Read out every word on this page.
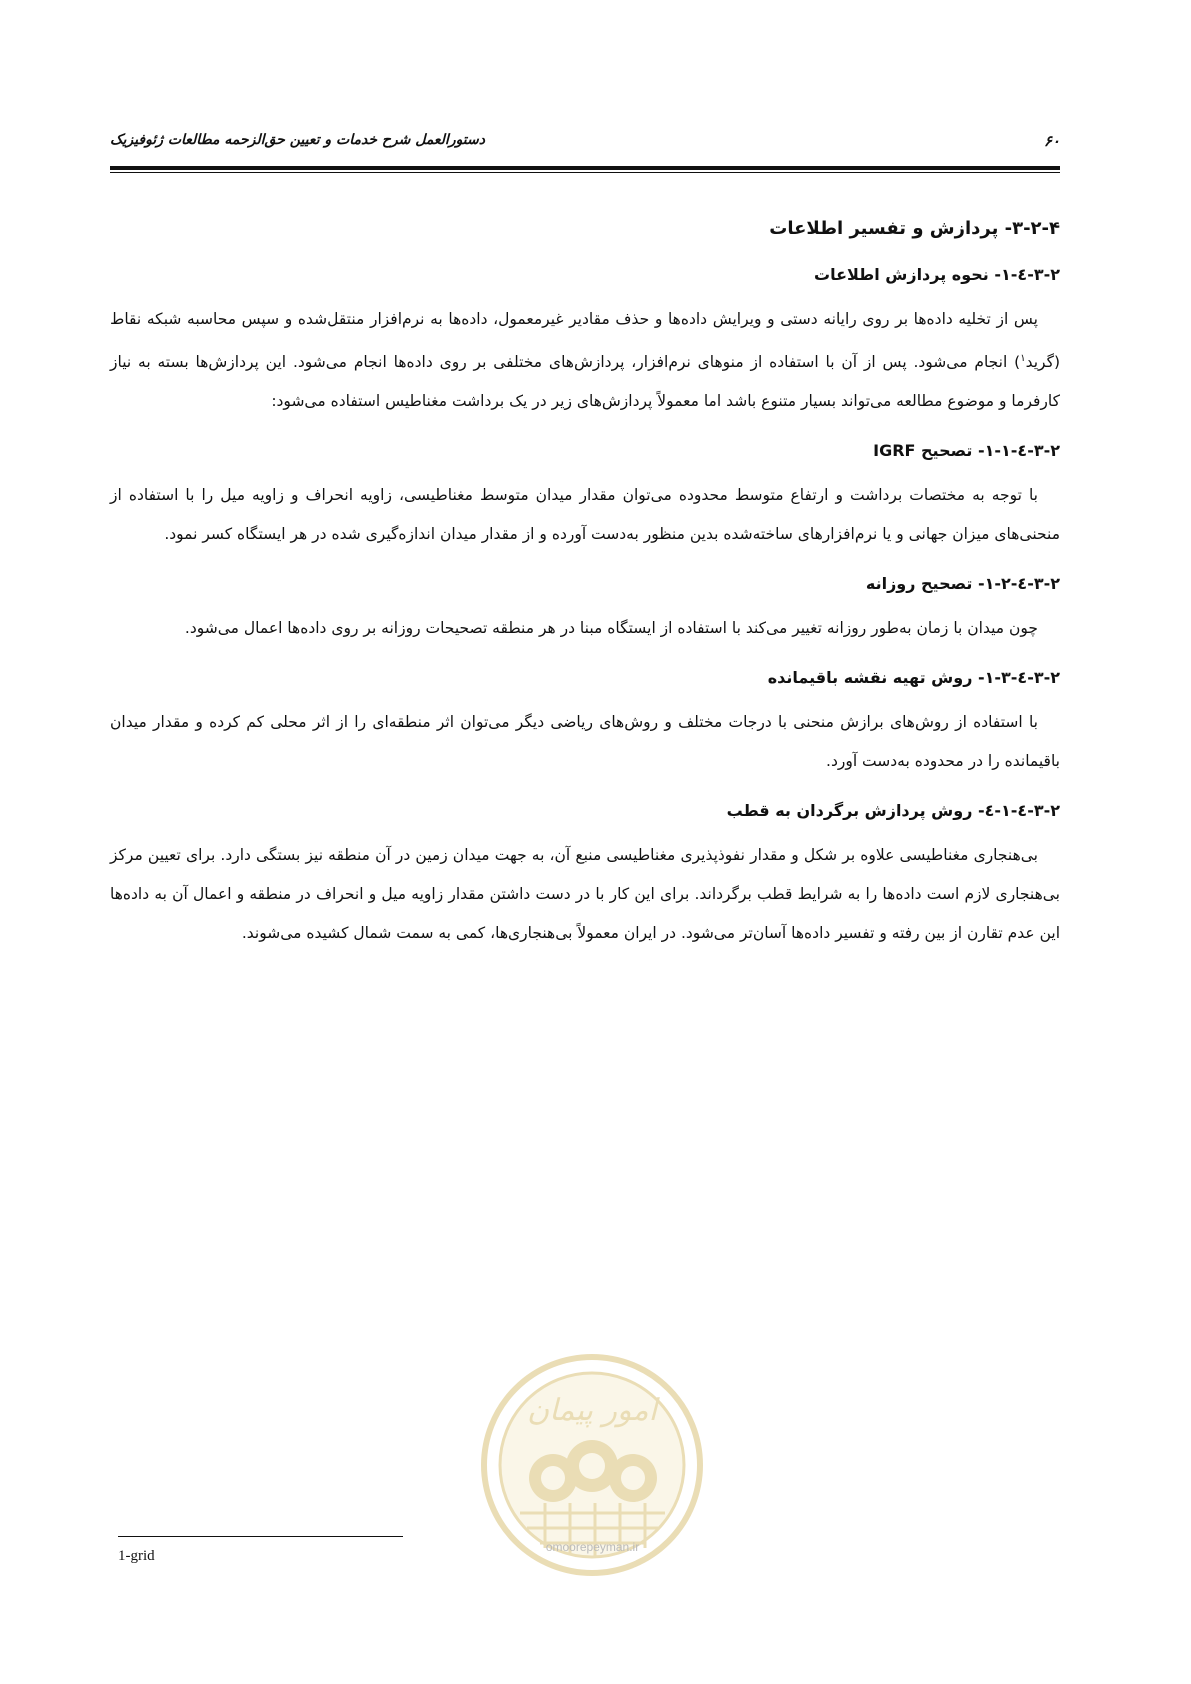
۶۰
دستورالعمل شرح خدمات و تعیین حق‌الزحمه مطالعات ژئوفیزیک
۳-۲-۴- پردازش و تفسیر اطلاعات
۳-۲-٤-۱- نحوه پردازش اطلاعات

پس از تخلیه داده‌ها بر روی رایانه دستی و ویرایش داده‌ها و حذف مقادیر غیرمعمول، داده‌ها به نرم‌افزار منتقل‌شده و سپس محاسبه شبکه نقاط (گرید$^۱$) انجام می‌شود. پس از آن با استفاده از منوهای نرم‌افزار، پردازش‌های مختلفی بر روی داده‌ها انجام می‌شود. این پردازش‌ها بسته به نیاز کارفرما و موضوع مطالعه می‌تواند بسیار متنوع باشد اما معمولاً پردازش‌های زیر در یک برداشت مغناطیس استفاده می‌شود:

۳-۲-٤-۱-۱- تصحیح IGRF

با توجه به مختصات برداشت و ارتفاع متوسط محدوده می‌توان مقدار میدان متوسط مغناطیسی، زاویه انحراف و زاویه میل را با استفاده از منحنی‌های میزان جهانی و یا نرم‌افزارهای ساخته‌شده بدین منظور به‌دست آورده و از مقدار میدان اندازه‌گیری شده در هر ایستگاه کسر نمود.

۳-۲-٤-۱-۲- تصحیح روزانه

چون میدان با زمان به‌طور روزانه تغییر می‌کند با استفاده از ایستگاه مبنا در هر منطقه تصحیحات روزانه بر روی داده‌ها اعمال می‌شود.

۳-۲-٤-۱-۳- روش تهیه نقشه باقیمانده

با استفاده از روش‌های برازش منحنی با درجات مختلف و روش‌های ریاضی دیگر می‌توان اثر منطقه‌ای را از اثر محلی کم کرده و مقدار میدان باقیمانده را در محدوده به‌دست آورد.

۳-۲-٤-۱-٤- روش پردازش برگردان به قطب

بی‌هنجاری مغناطیسی علاوه بر شکل و مقدار نفوذپذیری مغناطیسی منبع آن، به جهت میدان زمین در آن منطقه نیز بستگی دارد. برای تعیین مرکز بی‌هنجاری لازم است داده‌ها را به شرایط قطب برگرداند. برای این کار با در دست داشتن مقدار زاویه میل و انحراف در منطقه و اعمال آن به داده‌ها این عدم تقارن از بین رفته و تفسیر داده‌ها آسان‌تر می‌شود. در ایران معمولاً بی‌هنجاری‌ها، کمی به سمت شمال کشیده می‌شوند.

امور پیمان
omoorepeyman.ir
1-grid
